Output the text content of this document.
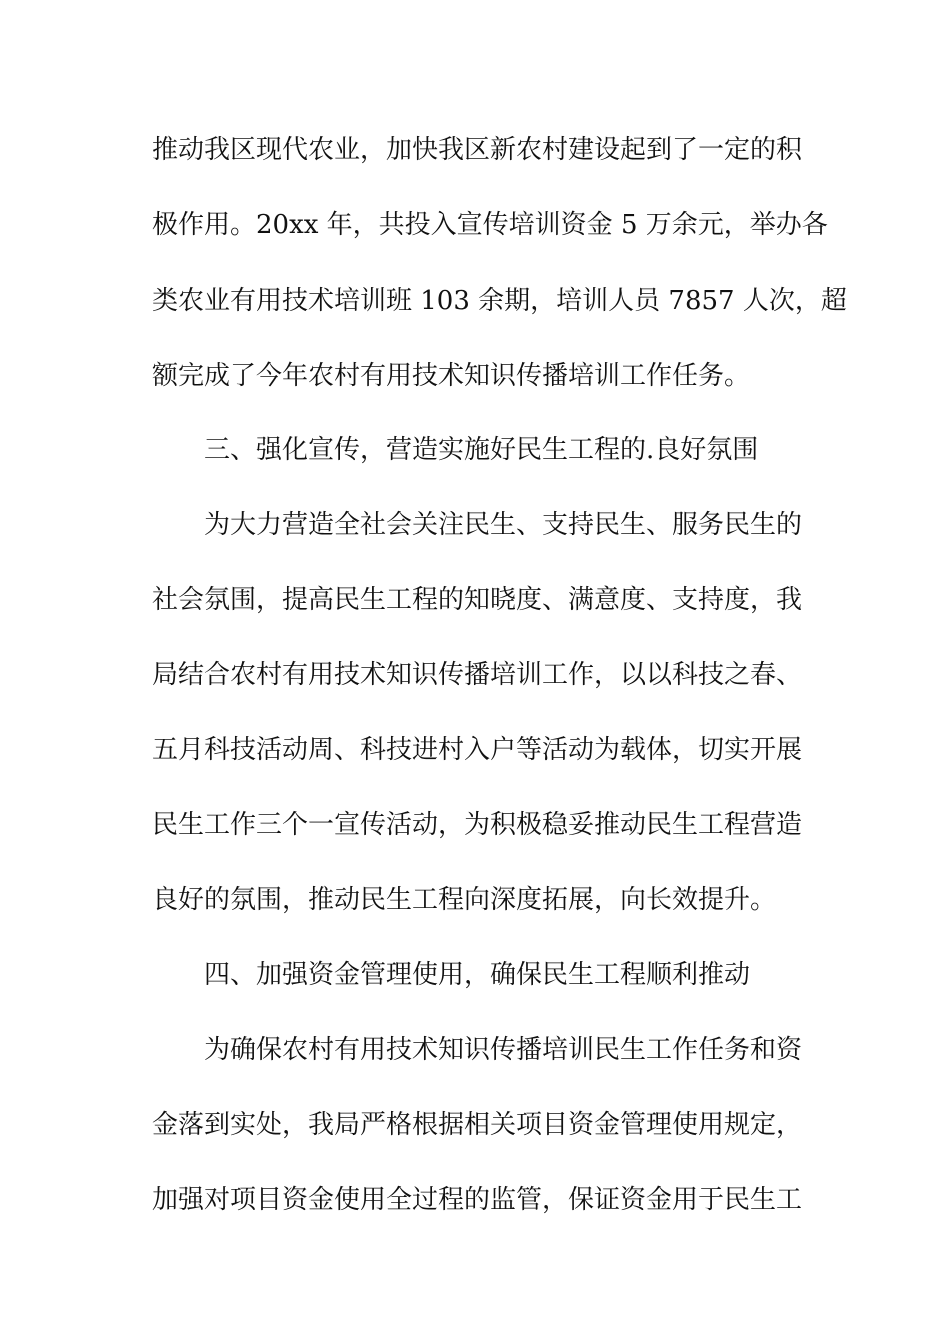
推动我区现代农业，加快我区新农村建设起到了一定的积
极作用。20xx 年，共投入宣传培训资金 5 万余元，举办各
类农业有用技术培训班 103 余期，培训人员 7857 人次，超
额完成了今年农村有用技术知识传播培训工作任务。
三、强化宣传，营造实施好民生工程的.良好氛围
为大力营造全社会关注民生、支持民生、服务民生的
社会氛围，提高民生工程的知晓度、满意度、支持度，我
局结合农村有用技术知识传播培训工作，以以科技之春、
五月科技活动周、科技进村入户等活动为载体，切实开展
民生工作三个一宣传活动，为积极稳妥推动民生工程营造
良好的氛围，推动民生工程向深度拓展，向长效提升。
四、加强资金管理使用，确保民生工程顺利推动
为确保农村有用技术知识传播培训民生工作任务和资
金落到实处，我局严格根据相关项目资金管理使用规定，
加强对项目资金使用全过程的监管，保证资金用于民生工
